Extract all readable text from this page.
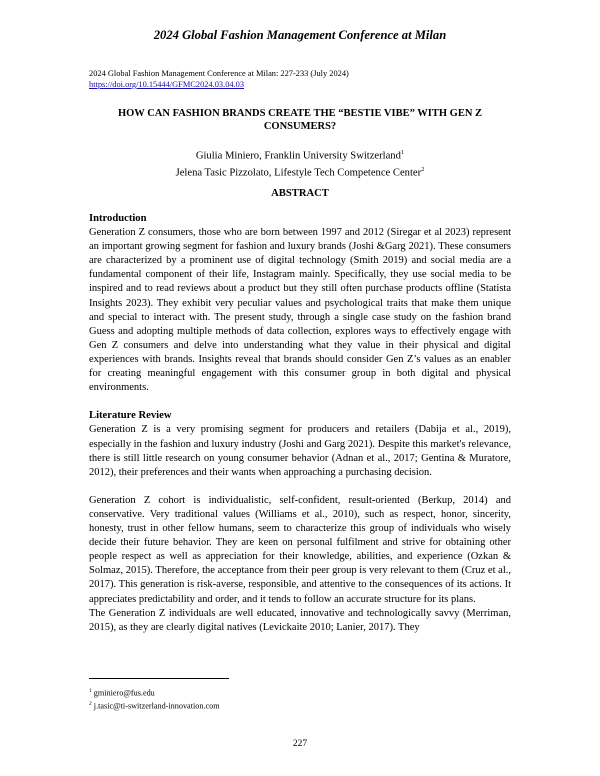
2024 Global Fashion Management Conference at Milan
2024 Global Fashion Management Conference at Milan: 227-233 (July 2024)
https://doi.org/10.15444/GFMC2024.03.04.03
HOW CAN FASHION BRANDS CREATE THE “BESTIE VIBE” WITH GEN Z CONSUMERS?
Giulia Miniero, Franklin University Switzerland$^1$
Jelena Tasic Pizzolato, Lifestyle Tech Competence Center$^2$
ABSTRACT
Introduction

Generation Z consumers, those who are born between 1997 and 2012 (Siregar et al 2023) represent an important growing segment for fashion and luxury brands (Joshi &Garg 2021). These consumers are characterized by a prominent use of digital technology (Smith 2019) and social media are a fundamental component of their life, Instagram mainly. Specifically, they use social media to be inspired and to read reviews about a product but they still often purchase products offline (Statista Insights 2023). They exhibit very peculiar values and psychological traits that make them unique and special to interact with. The present study, through a single case study on the fashion brand Guess and adopting multiple methods of data collection, explores ways to effectively engage with Gen Z consumers and delve into understanding what they value in their physical and digital experiences with brands. Insights reveal that brands should consider Gen Z’s values as an enabler for creating meaningful engagement with this consumer group in both digital and physical environments.

Literature Review

Generation Z is a very promising segment for producers and retailers (Dabija et al., 2019), especially in the fashion and luxury industry (Joshi and Garg 2021). Despite this market's relevance, there is still little research on young consumer behavior (Adnan et al., 2017; Gentina & Muratore, 2012), their preferences and their wants when approaching a purchasing decision.

Generation Z cohort is individualistic, self-confident, result-oriented (Berkup, 2014) and conservative. Very traditional values (Williams et al., 2010), such as respect, honor, sincerity, honesty, trust in other fellow humans, seem to characterize this group of individuals who wisely decide their future behavior. They are keen on personal fulfilment and strive for obtaining other people respect as well as appreciation for their knowledge, abilities, and experience (Ozkan & Solmaz, 2015). Therefore, the acceptance from their peer group is very relevant to them (Cruz et al., 2017). This generation is risk-averse, responsible, and attentive to the consequences of its actions. It appreciates predictability and order, and it tends to follow an accurate structure for its plans.

The Generation Z individuals are well educated, innovative and technologically savvy (Merriman, 2015), as they are clearly digital natives (Levickaite 2010; Lanier, 2017). They

$^1$ gminiero@fus.edu
$^2$ j.tasic@ti-switzerland-innovation.com
227
